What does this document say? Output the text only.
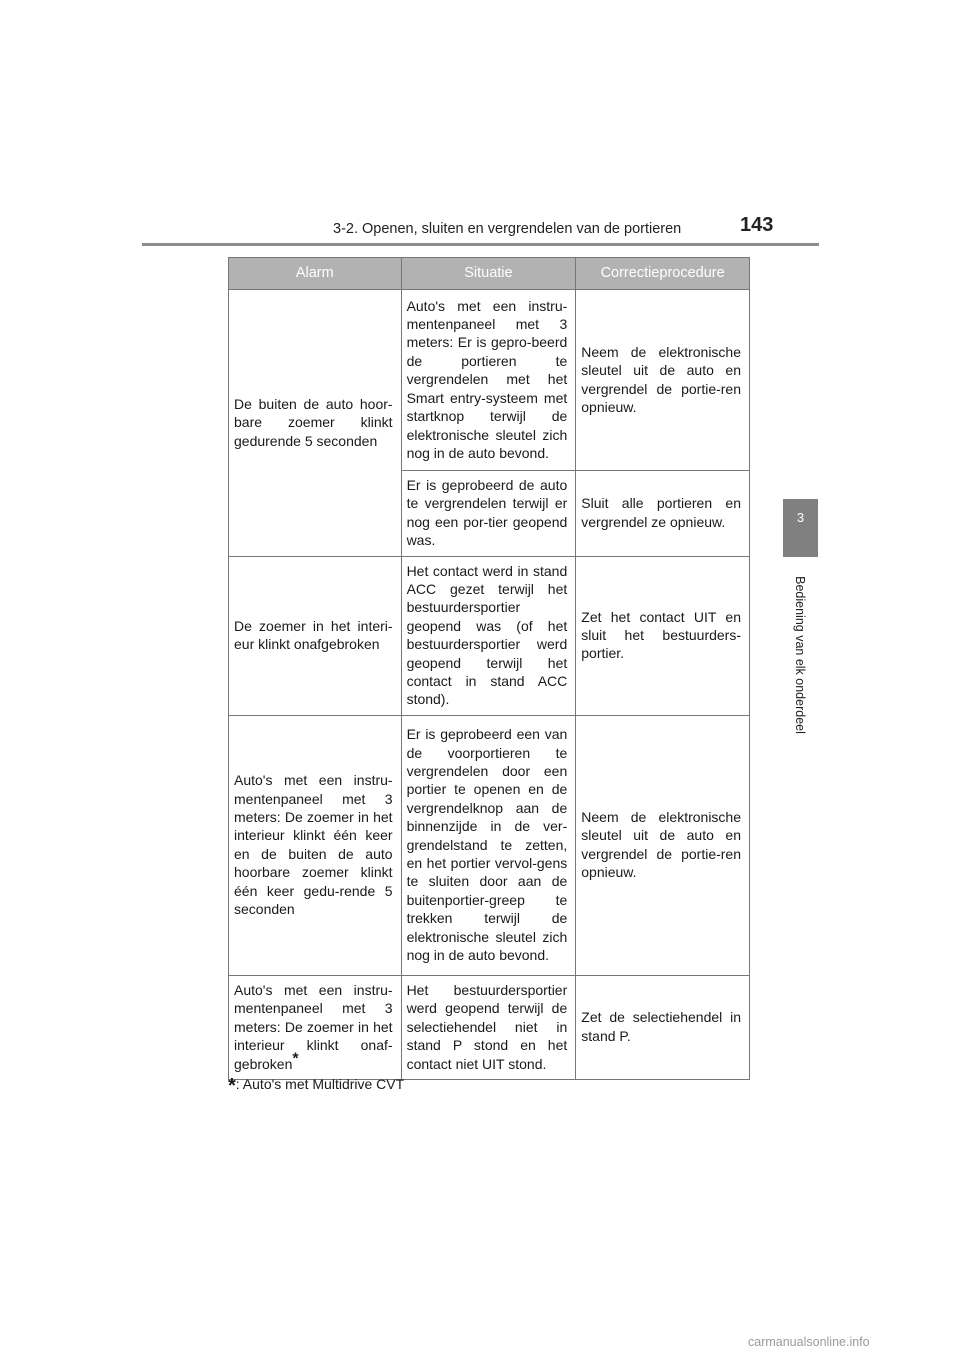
3-2. Openen, sluiten en vergrendelen van de portieren	143
3
Bediening van elk onderdeel
Alarm	Situatie	Correctieprocedure
De buiten de auto hoor-bare zoemer klinkt gedurende 5 seconden	Auto's met een instru-mentenpaneel met 3 meters: Er is gepro-beerd de portieren te vergrendelen met het Smart entry-systeem met startknop terwijl de elektronische sleutel zich nog in de auto bevond.	Neem de elektronische sleutel uit de auto en vergrendel de portie-ren opnieuw.
	Er is geprobeerd de auto te vergrendelen terwijl er nog een por-tier geopend was.	Sluit alle portieren en vergrendel ze opnieuw.
De zoemer in het interi-eur klinkt onafgebroken	Het contact werd in stand ACC gezet terwijl het bestuurdersportier geopend was (of het bestuurdersportier werd geopend terwijl het contact in stand ACC stond).	Zet het contact UIT en sluit het bestuurders-portier.
Auto's met een instru-mentenpaneel met 3 meters: De zoemer in het interieur klinkt één keer en de buiten de auto hoorbare zoemer klinkt één keer gedu-rende 5 seconden	Er is geprobeerd een van de voorportieren te vergrendelen door een portier te openen en de vergrendelknop aan de binnenzijde in de ver-grendelstand te zetten, en het portier vervol-gens te sluiten door aan de buitenportier-greep te trekken terwijl de elektronische sleutel zich nog in de auto bevond.	Neem de elektronische sleutel uit de auto en vergrendel de portie-ren opnieuw.
Auto's met een instru-mentenpaneel met 3 meters: De zoemer in het interieur klinkt onaf-gebroken*	Het bestuurdersportier werd geopend terwijl de selectiehendel niet in stand P stond en het contact niet UIT stond.	Zet de selectiehendel in stand P.
*: Auto's met Multidrive CVT
carmanualsonline.info
